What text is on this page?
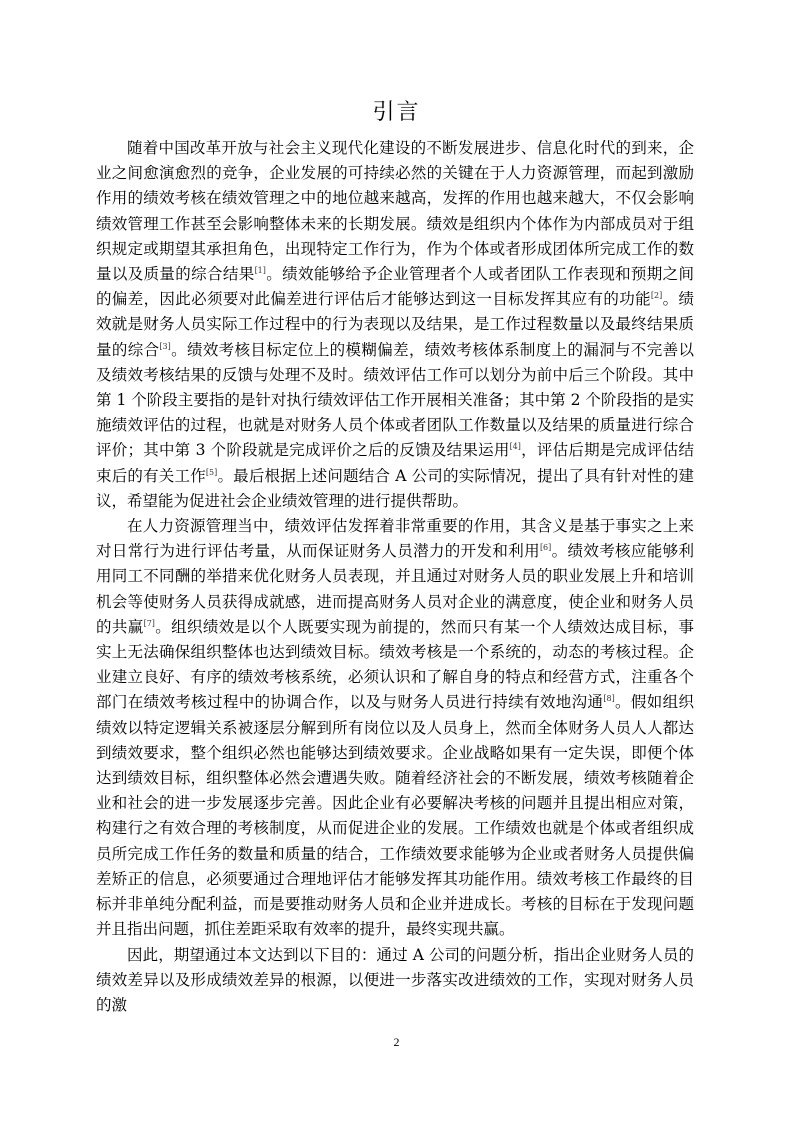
引言

随着中国改革开放与社会主义现代化建设的不断发展进步、信息化时代的到来，企业之间愈演愈烈的竞争，企业发展的可持续必然的关键在于人力资源管理，而起到激励作用的绩效考核在绩效管理之中的地位越来越高，发挥的作用也越来越大，不仅会影响绩效管理工作甚至会影响整体未来的长期发展。绩效是组织内个体作为内部成员对于组织规定或期望其承担角色，出现特定工作行为，作为个体或者形成团体所完成工作的数量以及质量的综合结果[1]。绩效能够给予企业管理者个人或者团队工作表现和预期之间的偏差，因此必须要对此偏差进行评估后才能够达到这一目标发挥其应有的功能[2]。绩效就是财务人员实际工作过程中的行为表现以及结果，是工作过程数量以及最终结果质量的综合[3]。绩效考核目标定位上的模糊偏差，绩效考核体系制度上的漏洞与不完善以及绩效考核结果的反馈与处理不及时。绩效评估工作可以划分为前中后三个阶段。其中第 1 个阶段主要指的是针对执行绩效评估工作开展相关准备；其中第 2 个阶段指的是实施绩效评估的过程，也就是对财务人员个体或者团队工作数量以及结果的质量进行综合评价；其中第 3 个阶段就是完成评价之后的反馈及结果运用[4]，评估后期是完成评估结束后的有关工作[5]。最后根据上述问题结合 A 公司的实际情况，提出了具有针对性的建议，希望能为促进社会企业绩效管理的进行提供帮助。

在人力资源管理当中，绩效评估发挥着非常重要的作用，其含义是基于事实之上来对日常行为进行评估考量，从而保证财务人员潜力的开发和利用[6]。绩效考核应能够利用同工不同酬的举措来优化财务人员表现，并且通过对财务人员的职业发展上升和培训机会等使财务人员获得成就感，进而提高财务人员对企业的满意度，使企业和财务人员的共赢[7]。组织绩效是以个人既要实现为前提的，然而只有某一个人绩效达成目标，事实上无法确保组织整体也达到绩效目标。绩效考核是一个系统的，动态的考核过程。企业建立良好、有序的绩效考核系统，必须认识和了解自身的特点和经营方式，注重各个部门在绩效考核过程中的协调合作，以及与财务人员进行持续有效地沟通[8]。假如组织绩效以特定逻辑关系被逐层分解到所有岗位以及人员身上，然而全体财务人员人人都达到绩效要求，整个组织必然也能够达到绩效要求。企业战略如果有一定失误，即便个体达到绩效目标，组织整体必然会遭遇失败。随着经济社会的不断发展，绩效考核随着企业和社会的进一步发展逐步完善。因此企业有必要解决考核的问题并且提出相应对策，构建行之有效合理的考核制度，从而促进企业的发展。工作绩效也就是个体或者组织成员所完成工作任务的数量和质量的结合，工作绩效要求能够为企业或者财务人员提供偏差矫正的信息，必须要通过合理地评估才能够发挥其功能作用。绩效考核工作最终的目标并非单纯分配利益，而是要推动财务人员和企业并进成长。考核的目标在于发现问题并且指出问题，抓住差距采取有效率的提升，最终实现共赢。

因此，期望通过本文达到以下目的：通过 A 公司的问题分析，指出企业财务人员的绩效差异以及形成绩效差异的根源，以便进一步落实改进绩效的工作，实现对财务人员的激

2
